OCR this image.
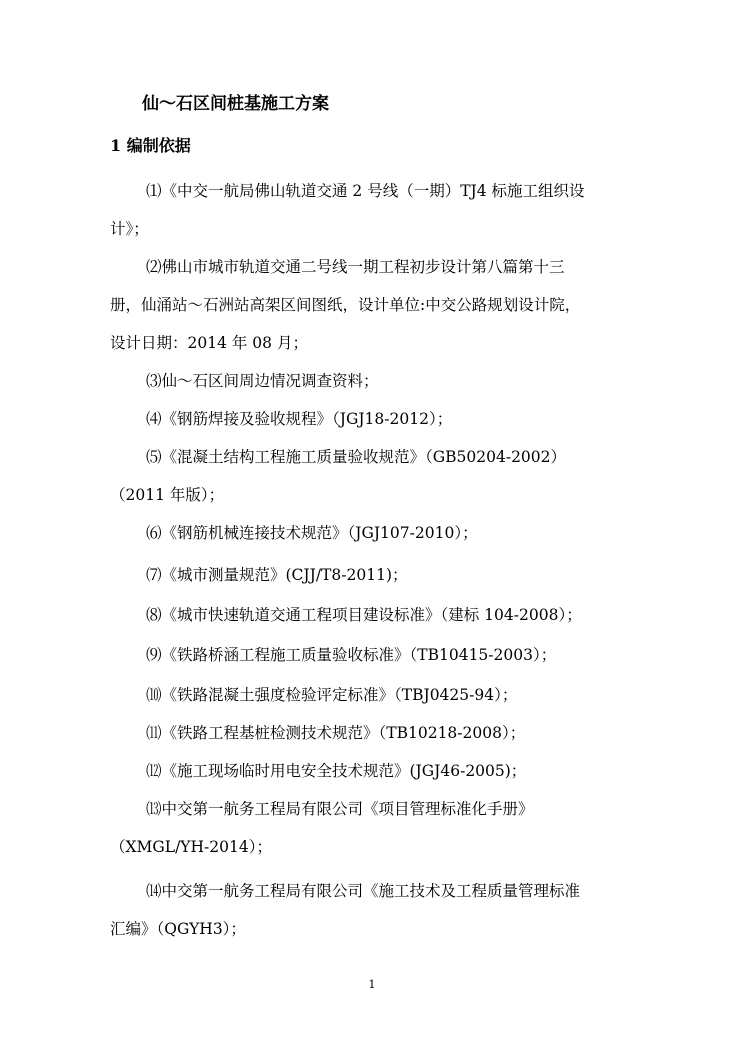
仙～石区间桩基施工方案
1 编制依据
⑴《中交一航局佛山轨道交通 2 号线（一期）TJ4 标施工组织设
计》；
⑵佛山市城市轨道交通二号线一期工程初步设计第八篇第十三
册，仙涌站～石洲站高架区间图纸，设计单位:中交公路规划设计院，
设计日期：2014 年 08 月；
⑶仙～石区间周边情况调查资料；
⑷《钢筋焊接及验收规程》（JGJ18-2012）；
⑸《混凝土结构工程施工质量验收规范》（GB50204-2002）
（2011 年版）；
⑹《钢筋机械连接技术规范》（JGJ107-2010）；
⑺《城市测量规范》(CJJ/T8-2011)；
⑻《城市快速轨道交通工程项目建设标准》（建标 104-2008）；
⑼《铁路桥涵工程施工质量验收标准》（TB10415-2003）；
⑽《铁路混凝土强度检验评定标准》（TBJ0425-94）；
⑾《铁路工程基桩检测技术规范》（TB10218-2008）；
⑿《施工现场临时用电安全技术规范》(JGJ46-2005)；
⒀中交第一航务工程局有限公司《项目管理标准化手册》
（XMGL/YH-2014）；
⒁中交第一航务工程局有限公司《施工技术及工程质量管理标准
汇编》（QGYH3）；
1
